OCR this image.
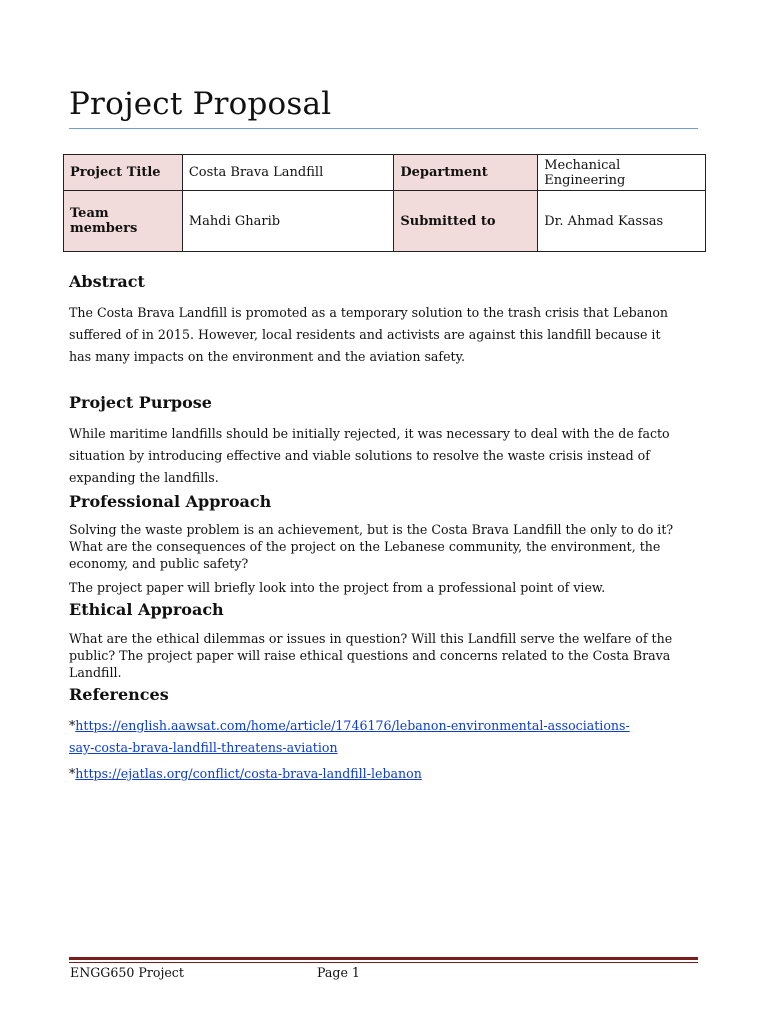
Project Proposal
Project Title	Costa Brava Landfill	Department	Mechanical
Engineering

Team
members	Mahdi Gharib	Submitted to	Dr. Ahmad Kassas
Abstract
The Costa Brava Landfill is promoted as a temporary solution to the trash crisis that Lebanon
suffered of in 2015. However, local residents and activists are against this landfill because it
has many impacts on the environment and the aviation safety.
Project Purpose
While maritime landfills should be initially rejected, it was necessary to deal with the de facto
situation by introducing effective and viable solutions to resolve the waste crisis instead of
expanding the landfills.
Professional Approach
Solving the waste problem is an achievement, but is the Costa Brava Landfill the only to do it?
What are the consequences of the project on the Lebanese community, the environment, the
economy, and public safety?
The project paper will briefly look into the project from a professional point of view.
Ethical Approach
What are the ethical dilemmas or issues in question? Will this Landfill serve the welfare of the
public? The project paper will raise ethical questions and concerns related to the Costa Brava
Landfill.
References
*https://english.aawsat.com/home/article/1746176/lebanon-environmental-associations-
say-costa-brava-landfill-threatens-aviation
*https://ejatlas.org/conflict/costa-brava-landfill-lebanon
ENGG650 Project	Page 1
